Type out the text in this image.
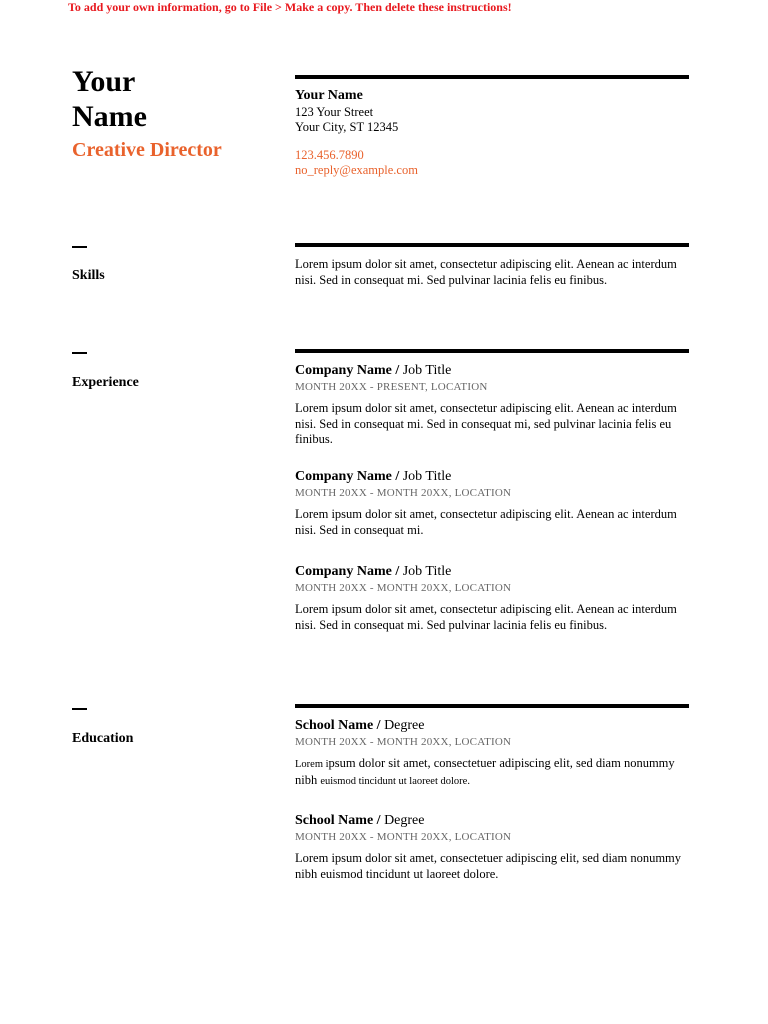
To add your own information, go to File > Make a copy. Then delete these instructions!
Your
Name
Creative Director
Your Name
123 Your Street
Your City, ST 12345
123.456.7890
no_reply@example.com
Skills
Lorem ipsum dolor sit amet, consectetur adipiscing elit. Aenean ac interdum nisi. Sed in consequat mi. Sed pulvinar lacinia felis eu finibus.
Experience
Company Name / Job Title
MONTH 20XX - PRESENT, LOCATION
Lorem ipsum dolor sit amet, consectetur adipiscing elit. Aenean ac interdum nisi. Sed in consequat mi. Sed in consequat mi, sed pulvinar lacinia felis eu finibus.
Company Name / Job Title
MONTH 20XX - MONTH 20XX, LOCATION
Lorem ipsum dolor sit amet, consectetur adipiscing elit. Aenean ac interdum nisi. Sed in consequat mi.
Company Name / Job Title
MONTH 20XX - MONTH 20XX, LOCATION
Lorem ipsum dolor sit amet, consectetur adipiscing elit. Aenean ac interdum nisi. Sed in consequat mi. Sed pulvinar lacinia felis eu finibus.
Education
School Name / Degree
MONTH 20XX - MONTH 20XX, LOCATION
Lorem ipsum dolor sit amet, consectetuer adipiscing elit, sed diam nonummy nibh euismod tincidunt ut laoreet dolore.
School Name / Degree
MONTH 20XX - MONTH 20XX, LOCATION
Lorem ipsum dolor sit amet, consectetuer adipiscing elit, sed diam nonummy nibh euismod tincidunt ut laoreet dolore.
